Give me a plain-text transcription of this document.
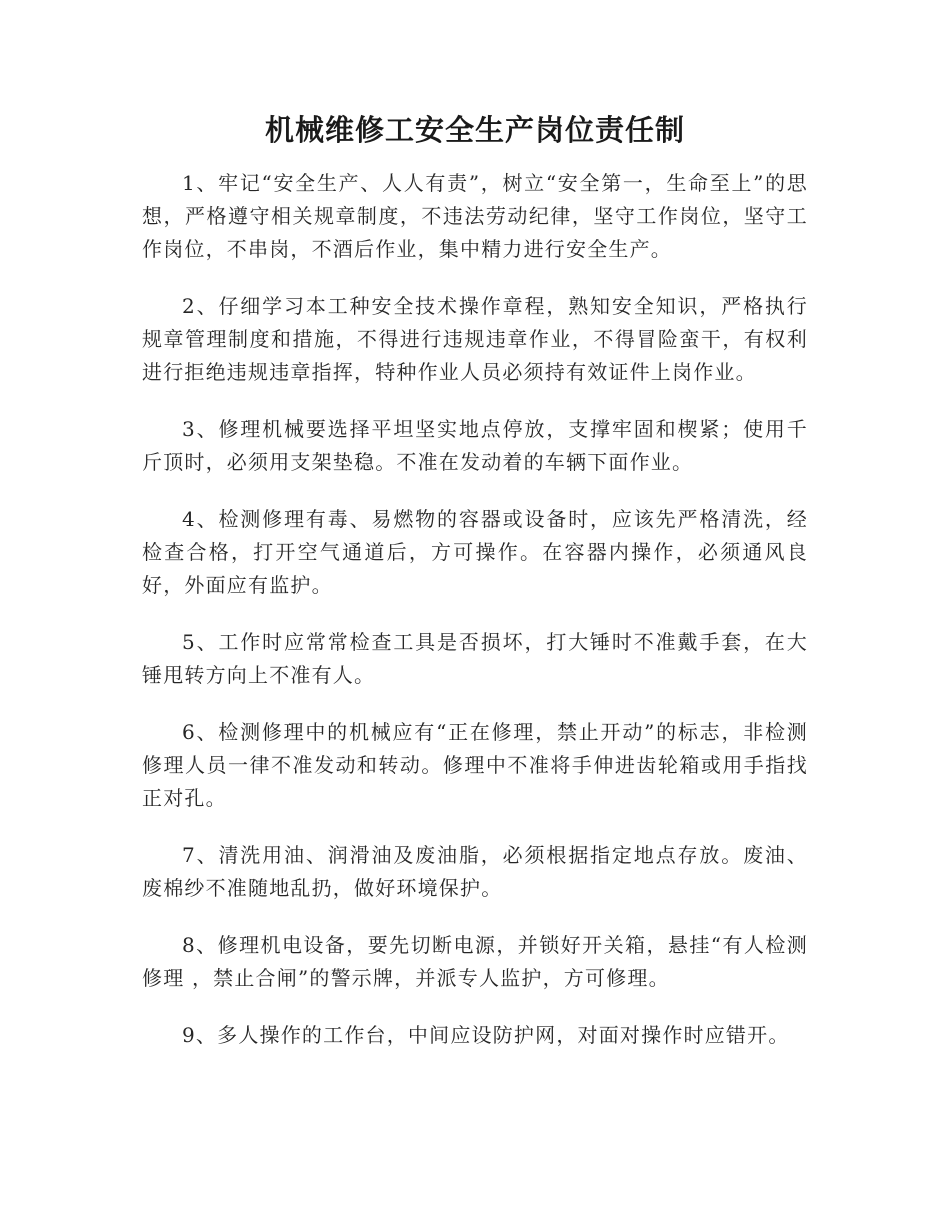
机械维修工安全生产岗位责任制

1、牢记“安全生产、人人有责”，树立“安全第一，生命至上”的思想，严格遵守相关规章制度，不违法劳动纪律，坚守工作岗位，坚守工作岗位，不串岗，不酒后作业，集中精力进行安全生产。

2、仔细学习本工种安全技术操作章程，熟知安全知识，严格执行规章管理制度和措施，不得进行违规违章作业，不得冒险蛮干，有权利进行拒绝违规违章指挥，特种作业人员必须持有效证件上岗作业。

3、修理机械要选择平坦坚实地点停放，支撑牢固和楔紧；使用千斤顶时，必须用支架垫稳。不准在发动着的车辆下面作业。

4、检测修理有毒、易燃物的容器或设备时，应该先严格清洗，经检查合格，打开空气通道后，方可操作。在容器内操作，必须通风良好，外面应有监护。

5、工作时应常常检查工具是否损坏，打大锤时不准戴手套，在大锤甩转方向上不准有人。

6、检测修理中的机械应有“正在修理，禁止开动”的标志，非检测修理人员一律不准发动和转动。修理中不准将手伸进齿轮箱或用手指找正对孔。

7、清洗用油、润滑油及废油脂，必须根据指定地点存放。废油、废棉纱不准随地乱扔，做好环境保护。

8、修理机电设备，要先切断电源，并锁好开关箱，悬挂“有人检测修理 ，禁止合闸”的警示牌，并派专人监护，方可修理。

9、多人操作的工作台，中间应设防护网，对面对操作时应错开。
